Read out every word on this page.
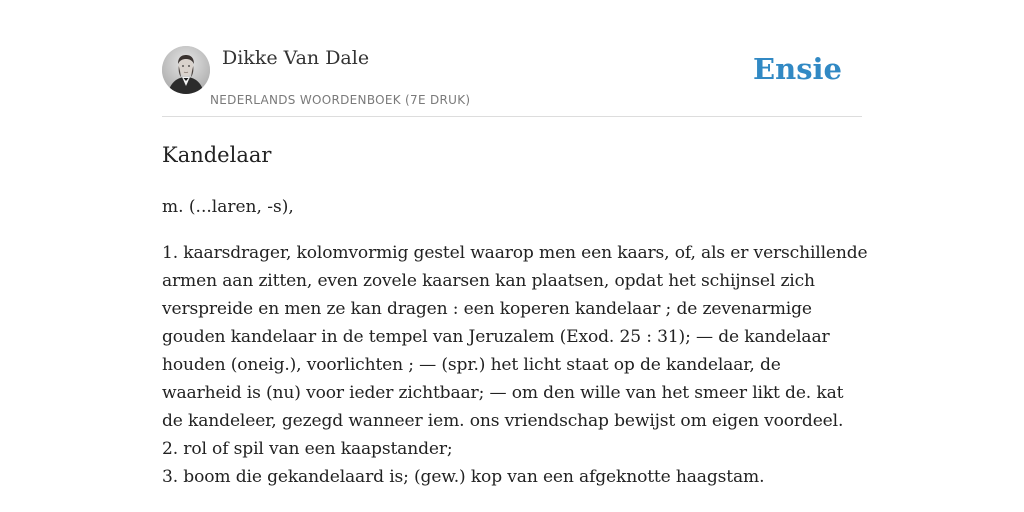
Dikke Van Dale
NEDERLANDS WOORDENBOEK (7E DRUK)
Ensie
Kandelaar
m. (...laren, -s),
1. kaarsdrager, kolomvormig gestel waarop men een kaars, of, als er verschillende
armen aan zitten, even zovele kaarsen kan plaatsen, opdat het schijnsel zich
verspreide en men ze kan dragen : een koperen kandelaar ; de zevenarmige
gouden kandelaar in de tempel van Jeruzalem (Exod. 25 : 31); — de kandelaar
houden (oneig.), voorlichten ; — (spr.) het licht staat op de kandelaar, de
waarheid is (nu) voor ieder zichtbaar; — om den wille van het smeer likt de. kat
de kandeleer, gezegd wanneer iem. ons vriendschap bewijst om eigen voordeel.
2. rol of spil van een kaapstander;
3. boom die gekandelaard is; (gew.) kop van een afgeknotte haagstam.
